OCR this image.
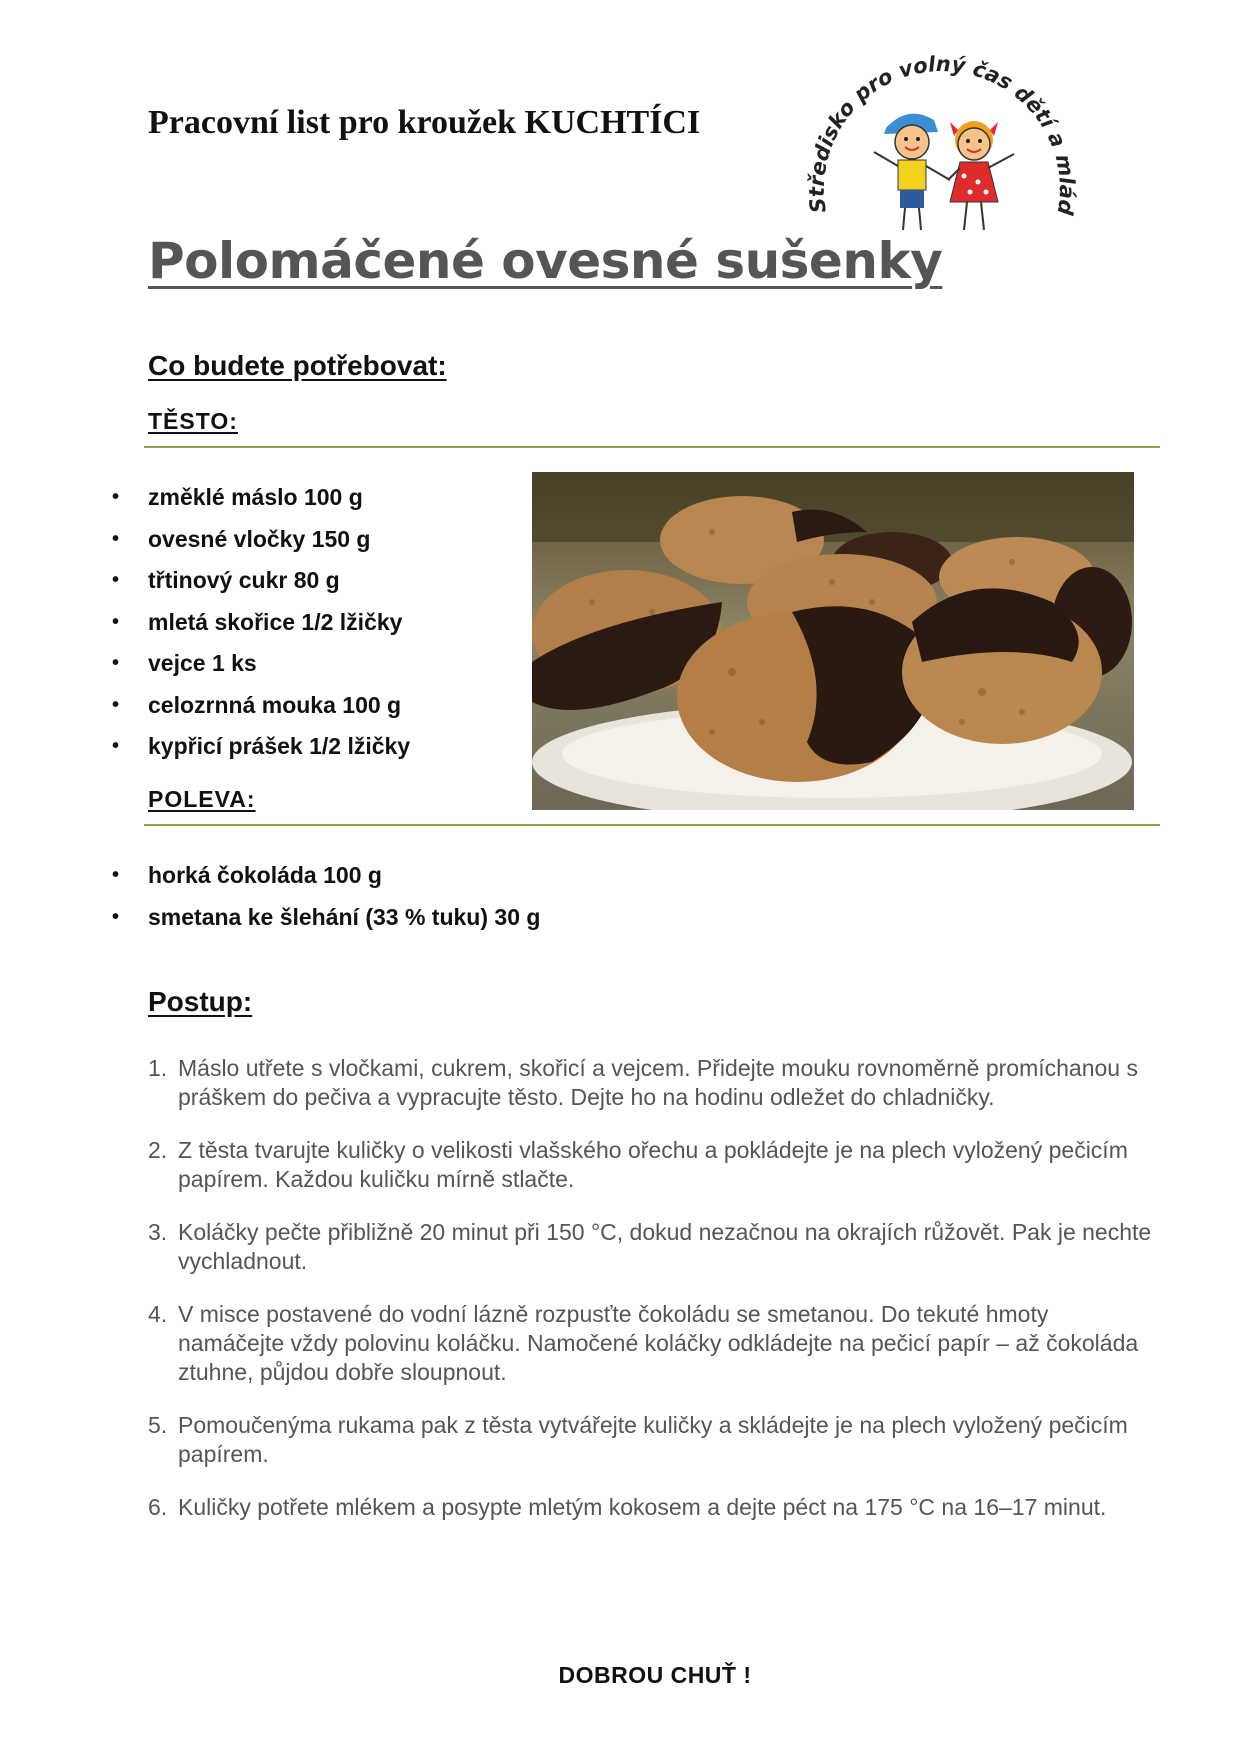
Pracovní list pro kroužek KUCHTÍCI
Středisko pro volný čas dětí a mlád
Polomáčené ovesné sušenky
Co budete potřebovat:
TĚSTO:
• změklé máslo 100 g
• ovesné vločky 150 g
• třtinový cukr 80 g
• mletá skořice 1/2 lžičky
• vejce 1 ks
• celozrnná mouka 100 g
• kypřicí prášek 1/2 lžičky
POLEVA:
• horká čokoláda 100 g
• smetana ke šlehání (33 % tuku) 30 g
Postup:
1. Máslo utřete s vločkami, cukrem, skořicí a vejcem. Přidejte mouku rovnoměrně promíchanou s práškem do pečiva a vypracujte těsto. Dejte ho na hodinu odležet do chladničky.
2. Z těsta tvarujte kuličky o velikosti vlašského ořechu a pokládejte je na plech vyložený pečicím papírem. Každou kuličku mírně stlačte.
3. Koláčky pečte přibližně 20 minut při 150 °C, dokud nezačnou na okrajích růžovět. Pak je nechte vychladnout.
4. V misce postavené do vodní lázně rozpusťte čokoládu se smetanou. Do tekuté hmoty namáčejte vždy polovinu koláčku. Namočené koláčky odkládejte na pečicí papír – až čokoláda ztuhne, půjdou dobře sloupnout.
5. Pomoučenýma rukama pak z těsta vytvářejte kuličky a skládejte je na plech vyložený pečicím papírem.
6. Kuličky potřete mlékem a posypte mletým kokosem a dejte péct na 175 °C na 16–17 minut.

DOBROU CHUŤ !
